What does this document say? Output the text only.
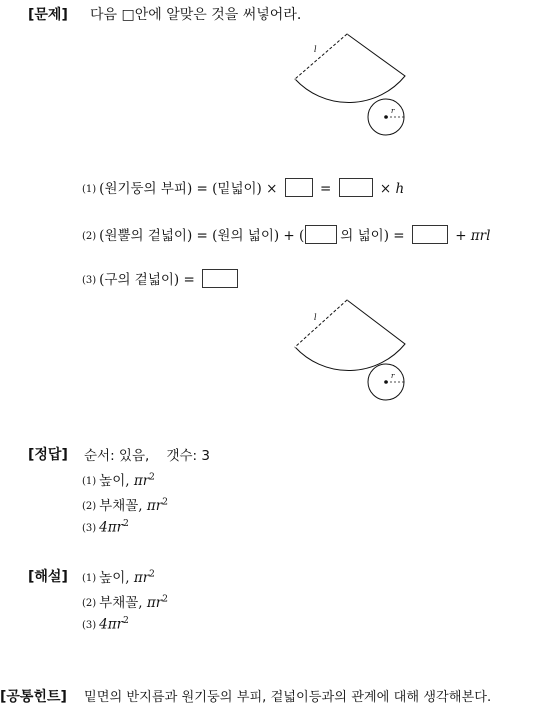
[문제] 다음 □안에 알맞은 것을 써넣어라.
l
r
(1) (원기둥의 부피) = (밑넓이) ×	=	× h
(2) (원뿔의 겉넓이) = (원의 넓이) + (	의 넓이) =	+ πrl
(3) (구의 겉넓이) =
l
r
[정답] 순서: 있음,    갯수: 3
(1) 높이, $\pi r^2$
(2) 부채꼴, $\pi r^2$
(3) $4\pi r^2$
[해설] (1) 높이, $\pi r^2$
(2) 부채꼴, $\pi r^2$
(3) $4\pi r^2$
[공통힌트] 밑면의 반지름과 원기둥의 부피, 겉넓이등과의 관계에 대해 생각해본다.
